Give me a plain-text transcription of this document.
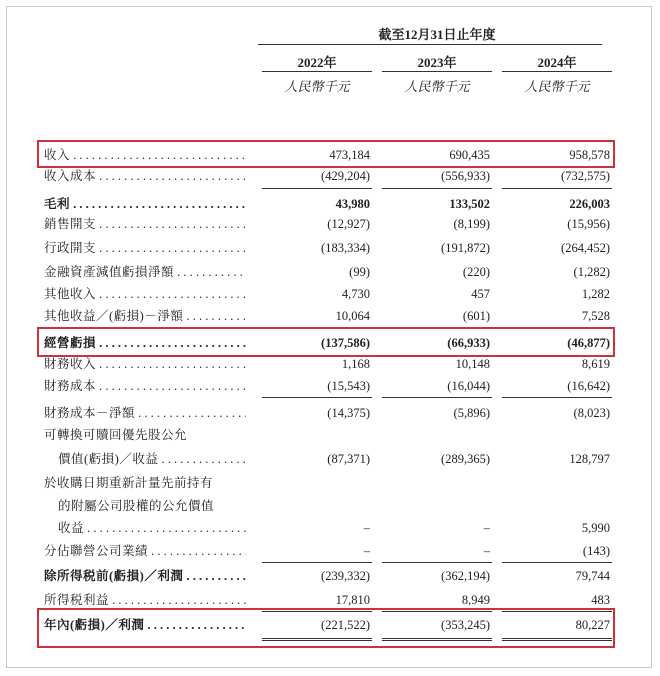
截至12月31日止年度
2022年	2023年	2024年
人民幣千元	人民幣千元	人民幣千元
收入 . . .	473,184	690,435	958,578
收入成本 . . .	(429,204)	(556,933)	(732,575)
毛利 . . .	43,980	133,502	226,003
銷售開支 . . .	(12,927)	(8,199)	(15,956)
行政開支 . . .	(183,334)	(191,872)	(264,452)
金融資產減值虧損淨額 . . .	(99)	(220)	(1,282)
其他收入 . . .	4,730	457	1,282
其他收益／(虧損)－淨額 . . .	10,064	(601)	7,528
經營虧損 . . .	(137,586)	(66,933)	(46,877)
財務收入 . . .	1,168	10,148	8,619
財務成本 . . .	(15,543)	(16,044)	(16,642)
財務成本－淨額 . . .	(14,375)	(5,896)	(8,023)
可轉換可贖回優先股公允
價值(虧損)／收益 . . .	(87,371)	(289,365)	128,797
於收購日期重新計量先前持有
的附屬公司股權的公允價值
收益 . . .	–	–	5,990
分佔聯營公司業績 . . .	–	–	(143)
除所得税前(虧損)／利潤 . . .	(239,332)	(362,194)	79,744
所得税利益 . . .	17,810	8,949	483
年內(虧損)／利潤 . . .	(221,522)	(353,245)	80,227
